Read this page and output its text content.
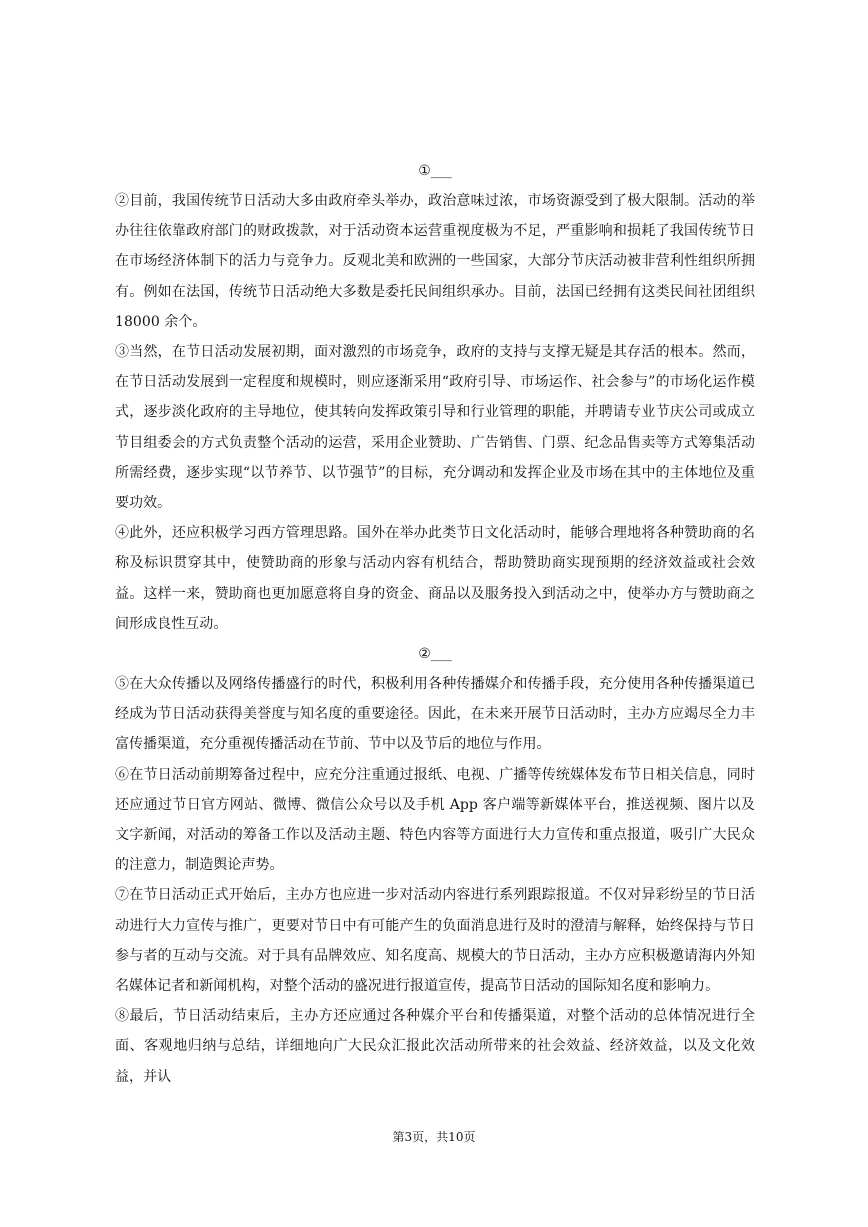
①___

②目前，我国传统节日活动大多由政府牵头举办，政治意味过浓，市场资源受到了极大限制。活动的举办往往依靠政府部门的财政拨款，对于活动资本运营重视度极为不足，严重影响和损耗了我国传统节日在市场经济体制下的活力与竞争力。反观北美和欧洲的一些国家，大部分节庆活动被非营利性组织所拥有。例如在法国，传统节日活动绝大多数是委托民间组织承办。目前，法国已经拥有这类民间社团组织 18000 余个。

③当然，在节日活动发展初期，面对激烈的市场竞争，政府的支持与支撑无疑是其存活的根本。然而，在节日活动发展到一定程度和规模时，则应逐渐采用“政府引导、市场运作、社会参与”的市场化运作模式，逐步淡化政府的主导地位，使其转向发挥政策引导和行业管理的职能，并聘请专业节庆公司或成立节目组委会的方式负责整个活动的运营，采用企业赞助、广告销售、门票、纪念品售卖等方式筹集活动所需经费，逐步实现“以节养节、以节强节”的目标，充分调动和发挥企业及市场在其中的主体地位及重要功效。

④此外，还应积极学习西方管理思路。国外在举办此类节日文化活动时，能够合理地将各种赞助商的名称及标识贯穿其中，使赞助商的形象与活动内容有机结合，帮助赞助商实现预期的经济效益或社会效益。这样一来，赞助商也更加愿意将自身的资金、商品以及服务投入到活动之中，使举办方与赞助商之间形成良性互动。

②___

⑤在大众传播以及网络传播盛行的时代，积极利用各种传播媒介和传播手段，充分使用各种传播渠道已经成为节日活动获得美誉度与知名度的重要途径。因此，在未来开展节日活动时，主办方应竭尽全力丰富传播渠道，充分重视传播活动在节前、节中以及节后的地位与作用。

⑥在节日活动前期筹备过程中，应充分注重通过报纸、电视、广播等传统媒体发布节日相关信息，同时还应通过节日官方网站、微博、微信公众号以及手机 App 客户端等新媒体平台，推送视频、图片以及文字新闻，对活动的筹备工作以及活动主题、特色内容等方面进行大力宣传和重点报道，吸引广大民众的注意力，制造舆论声势。

⑦在节日活动正式开始后，主办方也应进一步对活动内容进行系列跟踪报道。不仅对异彩纷呈的节日活动进行大力宣传与推广，更要对节日中有可能产生的负面消息进行及时的澄清与解释，始终保持与节日参与者的互动与交流。对于具有品牌效应、知名度高、规模大的节日活动，主办方应积极邀请海内外知名媒体记者和新闻机构，对整个活动的盛况进行报道宣传，提高节日活动的国际知名度和影响力。

⑧最后，节日活动结束后，主办方还应通过各种媒介平台和传播渠道，对整个活动的总体情况进行全面、客观地归纳与总结，详细地向广大民众汇报此次活动所带来的社会效益、经济效益，以及文化效益，并认

第3页，共10页
